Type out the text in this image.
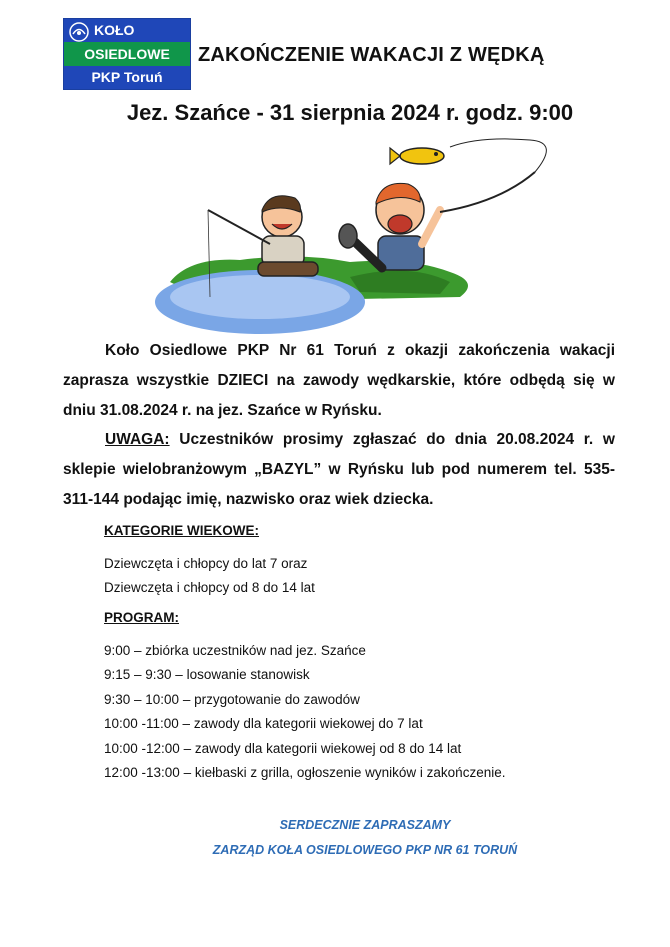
KOŁO
OSIEDLOWE
PKP Toruń
ZAKOŃCZENIE WAKACJI Z WĘDKĄ
Jez. Szańce - 31 sierpnia 2024 r. godz. 9:00
Koło Osiedlowe PKP Nr 61 Toruń z okazji zakończenia wakacji zaprasza wszystkie DZIECI na zawody wędkarskie, które odbędą się w dniu 31.08.2024 r. na jez. Szańce w Ryńsku.
UWAGA: Uczestników prosimy zgłaszać do dnia 20.08.2024 r. w sklepie wielobranżowym „BAZYL” w Ryńsku lub pod numerem tel. 535-311-144 podając imię, nazwisko oraz wiek dziecka.
KATEGORIE WIEKOWE:
Dziewczęta i chłopcy do lat 7 oraz
Dziewczęta i chłopcy od 8 do 14 lat
PROGRAM:
9:00 – zbiórka uczestników nad jez. Szańce
9:15 – 9:30 – losowanie stanowisk
9:30 – 10:00 – przygotowanie do zawodów
10:00 -11:00 – zawody dla kategorii wiekowej do 7 lat
10:00 -12:00 – zawody dla kategorii wiekowej od 8 do 14 lat
12:00 -13:00 – kiełbaski z grilla, ogłoszenie wyników i zakończenie.
SERDECZNIE ZAPRASZAMY
ZARZĄD KOŁA OSIEDLOWEGO PKP NR 61 TORUŃ
